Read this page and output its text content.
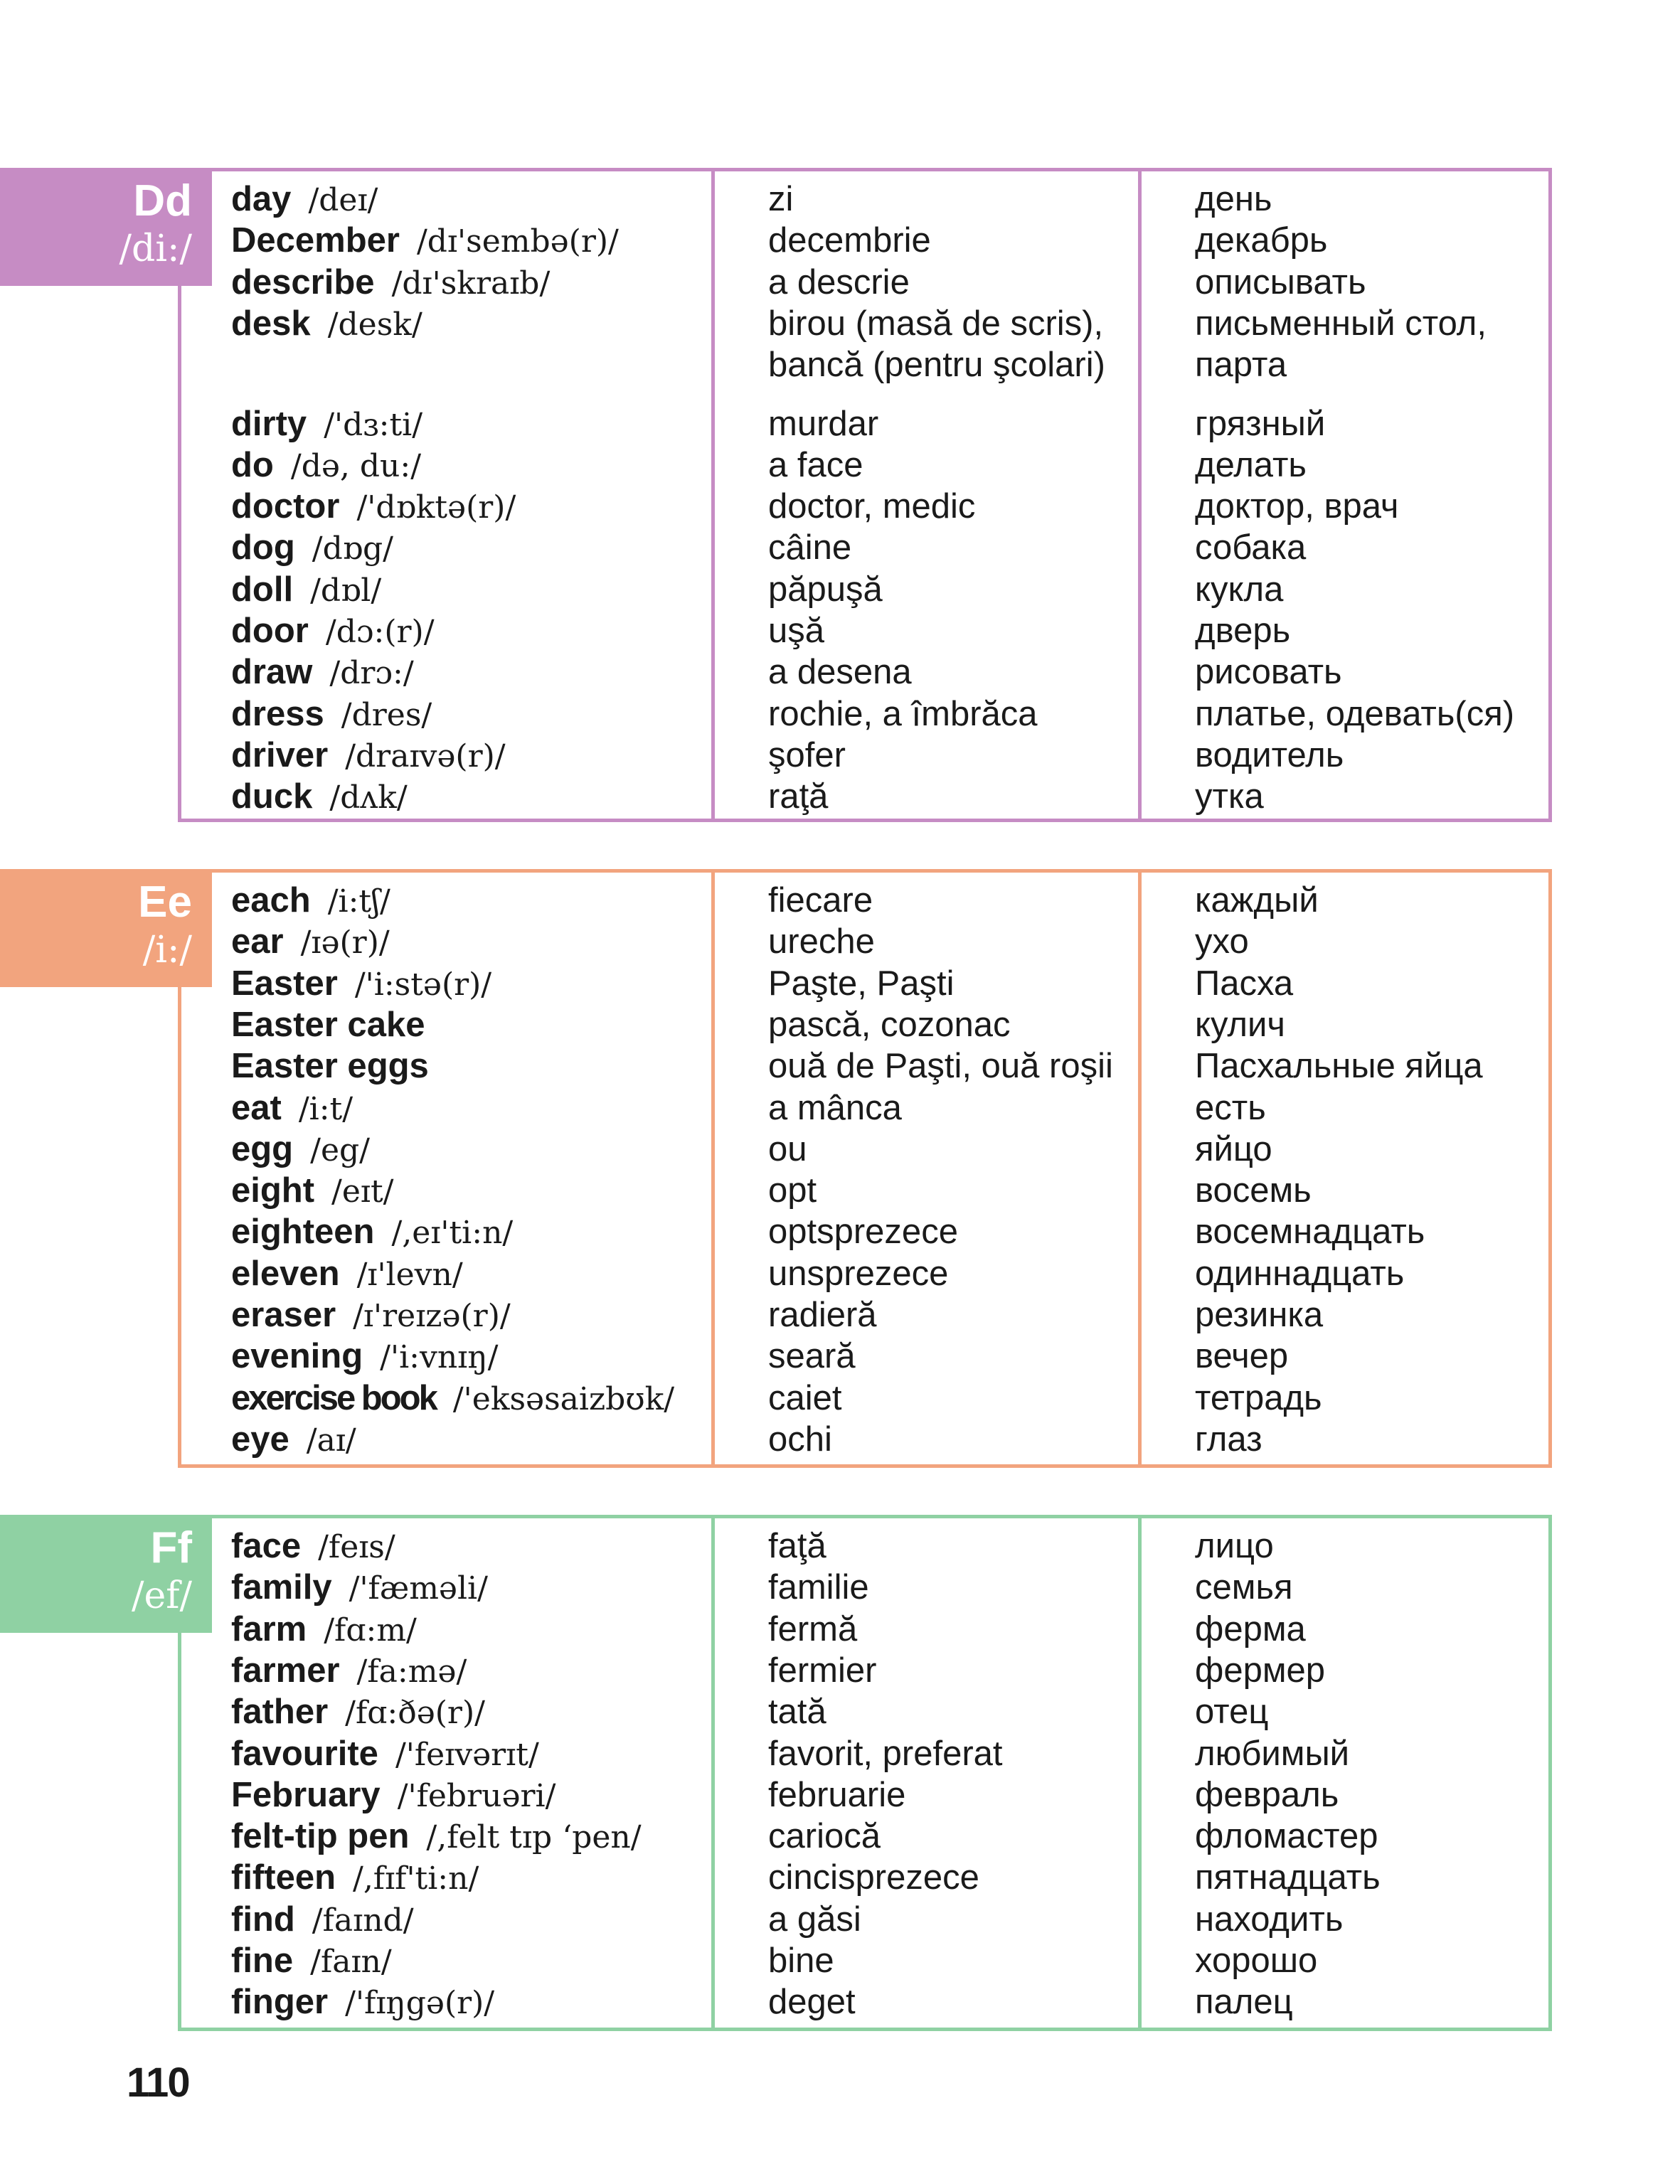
day /deɪ/
December /dɪ'sembə(r)/
describe /dɪ'skraɪb/
desk /desk/
dirty /'dɜ:ti/
do /də, du:/
doctor /'dɒktə(r)/
dog /dɒg/
doll /dɒl/
door /dɔ:(r)/
draw /drɔ:/
dress /dres/
driver /draɪvə(r)/
duck /dʌk/
zi
decembrie
a descrie
birou (masă de scris),
bancă (pentru şcolari)
murdar
a face
doctor, medic
câine
păpuşă
uşă
a desena
rochie, a îmbrăca
şofer
raţă
день
декабрь
описывать
письменный стол,
парта
грязный
делать
доктор, врач
собака
кукла
дверь
рисовать
платье, одевать(ся)
водитель
утка
Dd
/di:/
each /i:tʃ/
ear /ɪə(r)/
Easter /'i:stə(r)/
Easter cake
Easter eggs
eat /i:t/
egg /eg/
eight /eɪt/
eighteen /,eɪ'ti:n/
eleven /ɪ'levn/
eraser /ɪ'reɪzə(r)/
evening /'i:vnɪŋ/
exercise book /'eksəsaizbʊk/
eye /aɪ/
fiecare
ureche
Paşte, Paşti
pască, cozonac
ouă de Paşti, ouă roşii
a mânca
ou
opt
optsprezece
unsprezece
radieră
seară
caiet
ochi
каждый
ухо
Пасха
кулич
Пасхальные яйца
есть
яйцо
восемь
восемнадцать
одиннадцать
резинка
вечер
тетрадь
глаз
Ee
/i:/
face /feɪs/
family /'fæməli/
farm /fɑ:m/
farmer /fa:mə/
father /fɑ:ðə(r)/
favourite /'feɪvərɪt/
February /'februəri/
felt-tip pen /,felt tɪp ‘pen/
fifteen /,fɪf'ti:n/
find /faɪnd/
fine /faɪn/
finger /'fɪŋgə(r)/
faţă
familie
fermă
fermier
tată
favorit, preferat
februarie
cariocă
cincisprezece
a găsi
bine
deget
лицо
семья
ферма
фермер
отец
любимый
февраль
фломастер
пятнадцать
находить
хорошо
палец
Ff
/ef/
110
